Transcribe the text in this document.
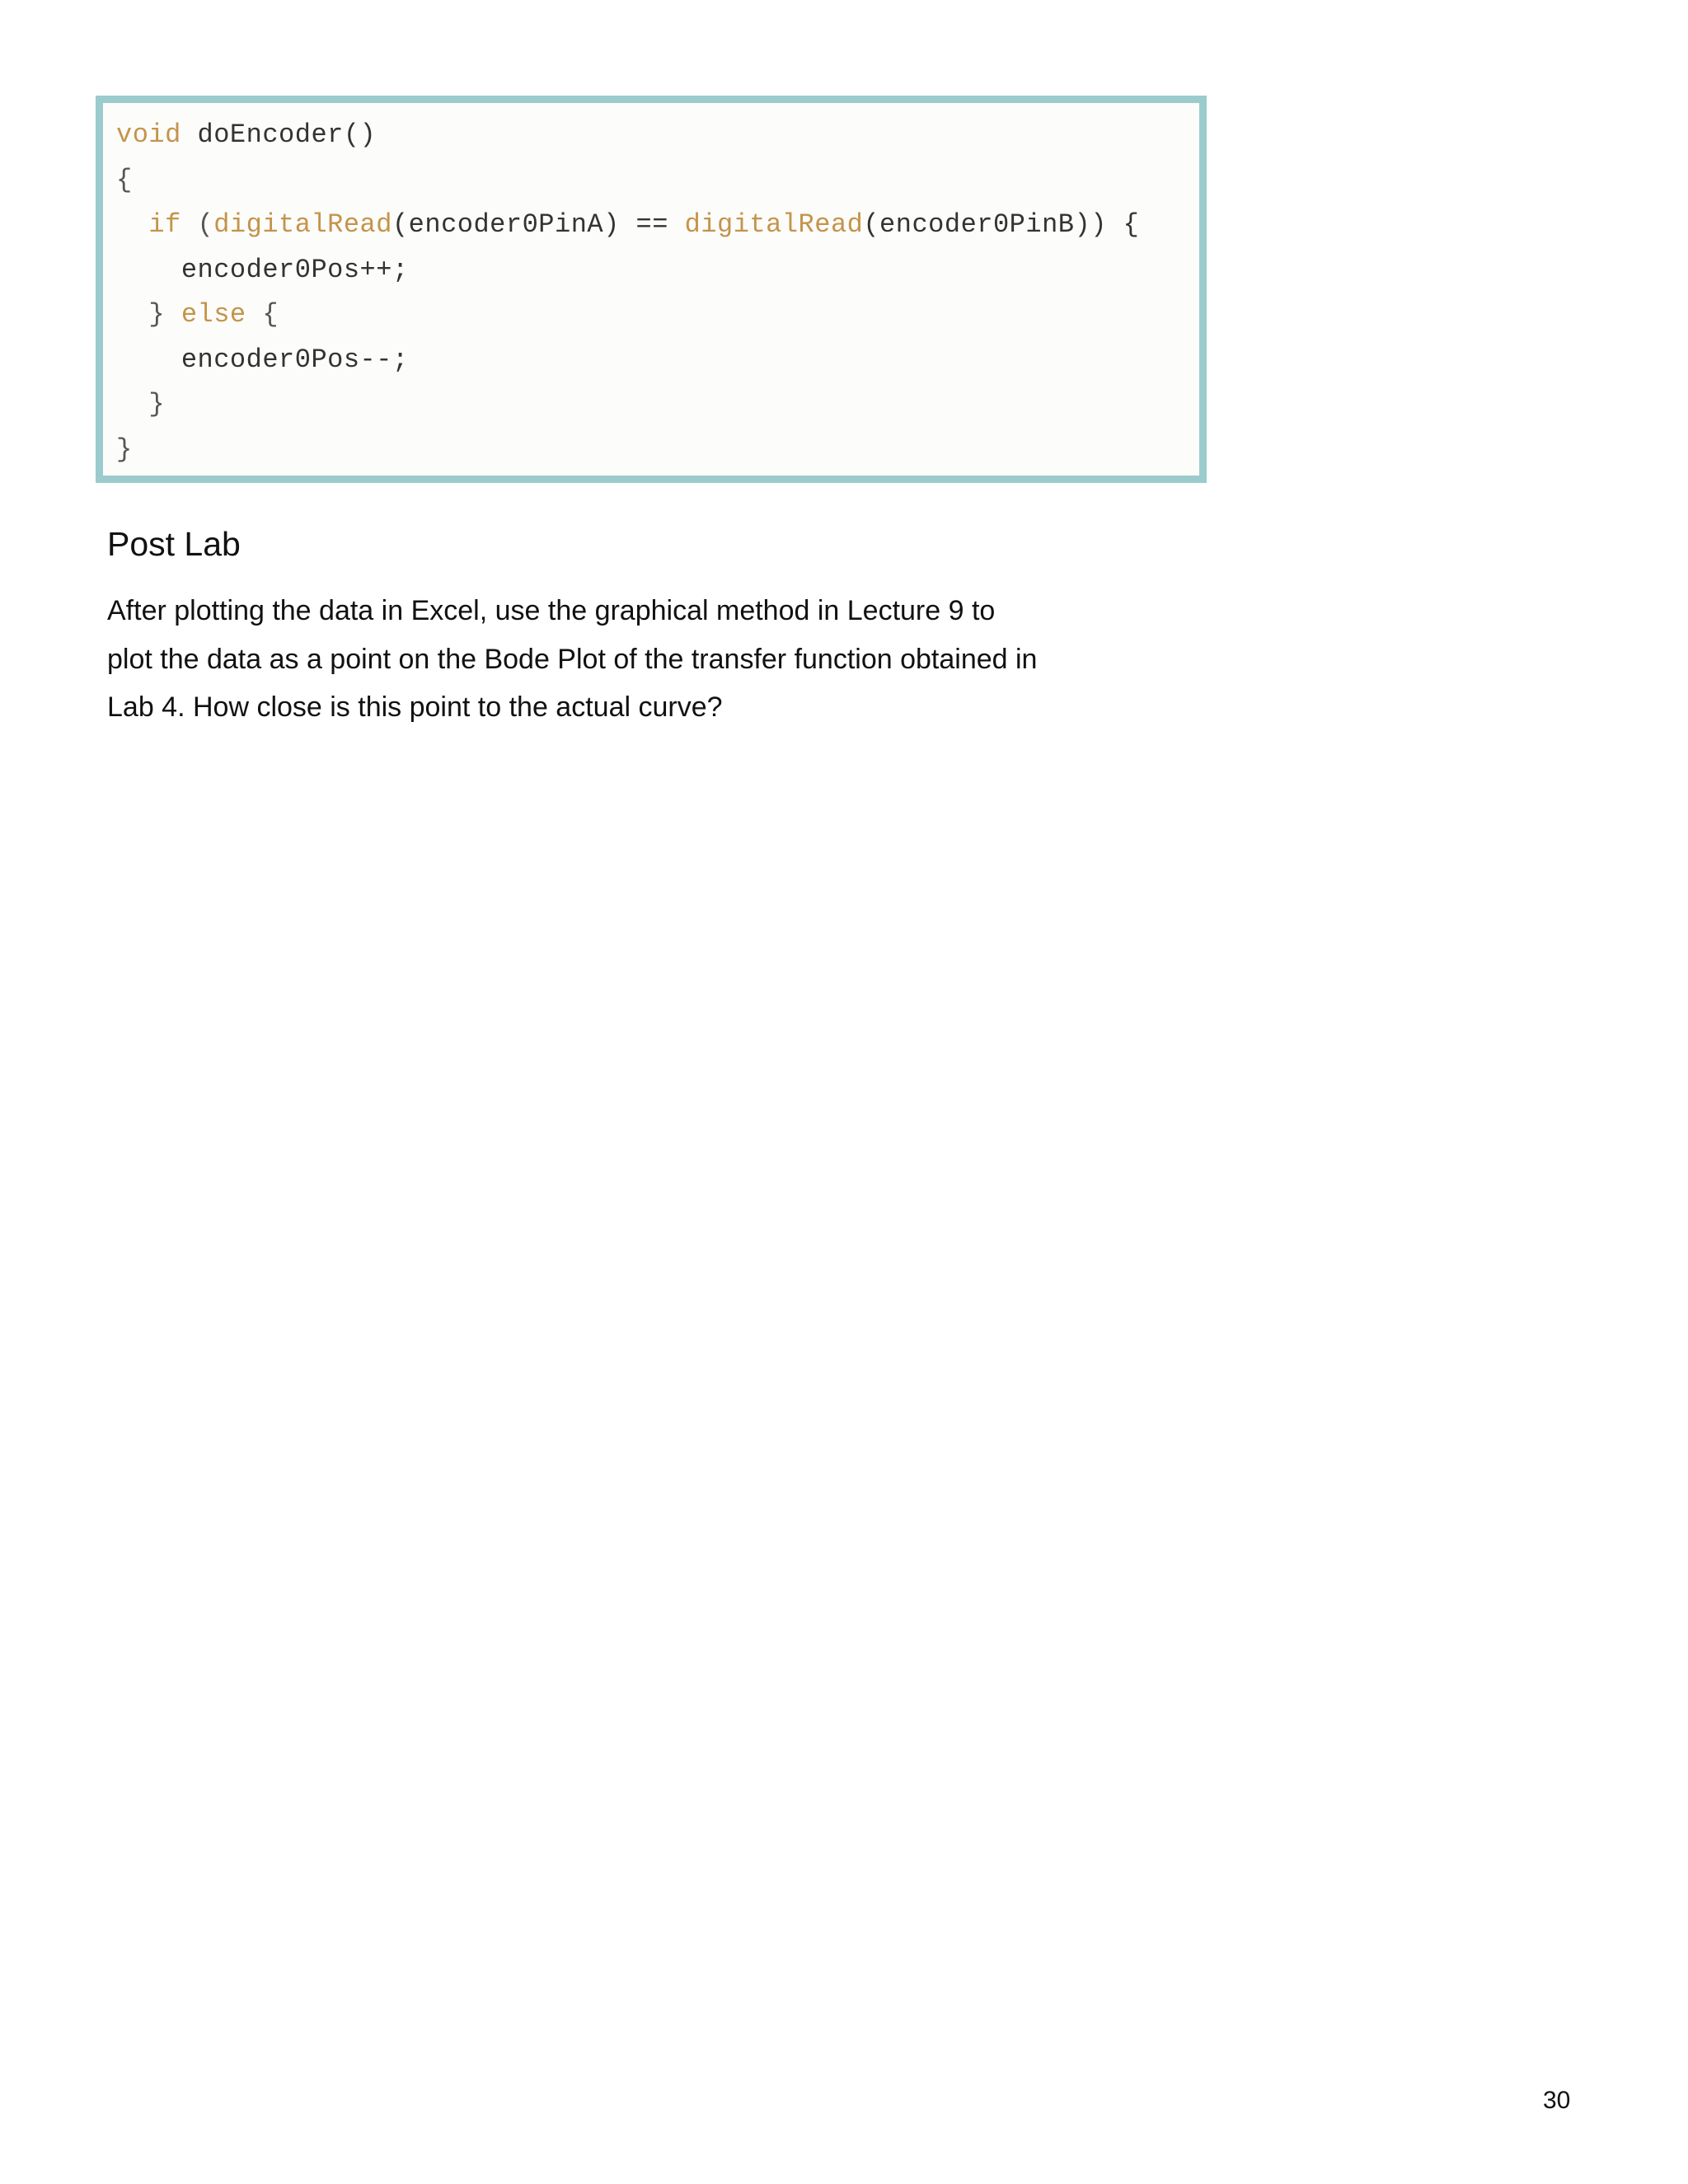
void doEncoder()
{
if (digitalRead(encoder0PinA) == digitalRead(encoder0PinB)) {
encoder0Pos++;
} else {
encoder0Pos--;
}
}
Post Lab

After plotting the data in Excel, use the graphical method in Lecture 9 to
plot the data as a point on the Bode Plot of the transfer function obtained in
Lab 4. How close is this point to the actual curve?

30
